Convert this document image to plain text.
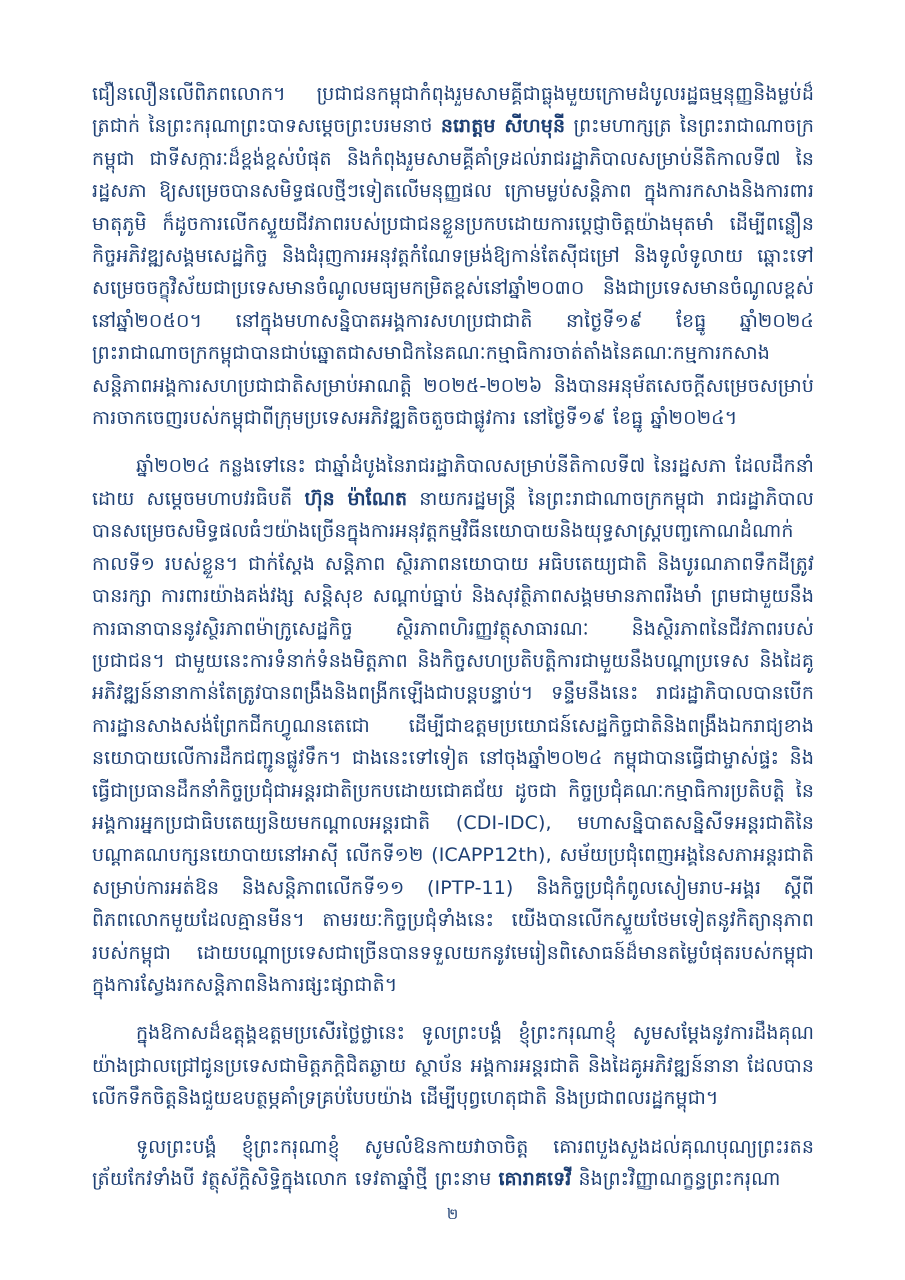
ជឿនលឿនលើពិភពលោក។ ប្រជាជនកម្ពុជាកំពុងរួមសាមគ្គីជាធ្លុងមួយក្រោមដំបូលរដ្ឋធម្មនុញ្ញនិងម្លប់ដ៏ត្រជាក់ នៃព្រះករុណាព្រះបាទសម្តេចព្រះបរមនាថ នរោត្តម សីហមុនី ព្រះមហាក្សត្រ នៃព្រះរាជាណាចក្រកម្ពុជា ជាទីសក្ការៈដ៏ខ្ពង់ខ្ពស់បំផុត និងកំពុងរួមសាមគ្គីគាំទ្រដល់រាជរដ្ឋាភិបាលសម្រាប់នីតិកាលទី៧ នៃរដ្ឋសភា ឱ្យសម្រេចបានសមិទ្ធផលថ្មីៗទៀតលើមនុញ្ញផល ក្រោមម្លប់សន្តិភាព ក្នុងការកសាងនិងការពារមាតុភូមិ ក៏ដូចការលើកស្ទួយជីវភាពរបស់ប្រជាជនខ្លួនប្រកបដោយការប្តេជ្ញាចិត្តយ៉ាងមុតមាំ ដើម្បីពន្លឿនកិច្ចអភិវឌ្ឍសង្គមសេដ្ឋកិច្ច និងជំរុញការអនុវត្តកំណែទម្រង់ឱ្យកាន់តែស៊ីជម្រៅ និងទូលំទូលាយ ឆ្ពោះទៅសម្រេចចក្ខុវិស័យជាប្រទេសមានចំណូលមធ្យមកម្រិតខ្ពស់នៅឆ្នាំ២០៣០ និងជាប្រទេសមានចំណូលខ្ពស់នៅឆ្នាំ២០៥០។ នៅក្នុងមហាសន្និបាតអង្គការសហប្រជាជាតិ នាថ្ងៃទី១៩ ខែធ្នូ ឆ្នាំ២០២៤ ព្រះរាជាណាចក្រកម្ពុជាបានជាប់ឆ្នោតជាសមាជិកនៃគណៈកម្មាធិការចាត់តាំងនៃគណៈកម្មការកសាងសន្តិភាពអង្គការសហប្រជាជាតិសម្រាប់អាណត្តិ ២០២៥-២០២៦ និងបានអនុម័តសេចក្តីសម្រេចសម្រាប់ការចាកចេញរបស់កម្ពុជាពីក្រុមប្រទេសអភិវឌ្ឍតិចតួចជាផ្លូវការ នៅថ្ងៃទី១៩ ខែធ្នូ ឆ្នាំ២០២៤។

ឆ្នាំ២០២៤ កន្លងទៅនេះ ជាឆ្នាំដំបូងនៃរាជរដ្ឋាភិបាលសម្រាប់នីតិកាលទី៧ នៃរដ្ឋសភា ដែលដឹកនាំដោយ សម្តេចមហាបវរធិបតី ហ៊ុន ម៉ាណែត នាយករដ្ឋមន្ត្រី នៃព្រះរាជាណាចក្រកម្ពុជា រាជរដ្ឋាភិបាលបានសម្រេចសមិទ្ធផលធំៗយ៉ាងច្រើនក្នុងការអនុវត្តកម្មវិធីនយោបាយនិងយុទ្ធសាស្ត្របញ្ចកោណដំណាក់កាលទី១ របស់ខ្លួន។ ជាក់ស្តែង សន្តិភាព ស្ថិរភាពនយោបាយ អធិបតេយ្យជាតិ និងបូរណភាពទឹកដីត្រូវបានរក្សា ការពារយ៉ាងគង់វង្ស សន្តិសុខ សណ្តាប់ធ្នាប់ និងសុវត្ថិភាពសង្គមមានភាពរឹងមាំ ព្រមជាមួយនឹងការធានាបាននូវស្ថិរភាពម៉ាក្រូសេដ្ឋកិច្ច ស្ថិរភាពហិរញ្ញវត្ថុសាធារណៈ និងស្ថិរភាពនៃជីវភាពរបស់ប្រជាជន។ ជាមួយនេះការទំនាក់ទំនងមិត្តភាព និងកិច្ចសហប្រតិបត្តិការជាមួយនឹងបណ្តាប្រទេស និងដៃគូអភិវឌ្ឍន៍នានាកាន់តែត្រូវបានពង្រឹងនិងពង្រីកឡើងជាបន្តបន្ទាប់។ ទន្ទឹមនឹងនេះ រាជរដ្ឋាភិបាលបានបើកការដ្ឋានសាងសង់ព្រែកជីកហ្វូណនតេជោ ដើម្បីជាឧត្តមប្រយោជន៍សេដ្ឋកិច្ចជាតិនិងពង្រឹងឯករាជ្យខាងនយោបាយលើការដឹកជញ្ជូនផ្លូវទឹក។ ជាងនេះទៅទៀត នៅចុងឆ្នាំ២០២៤ កម្ពុជាបានធ្វើជាម្ចាស់ផ្ទះ និងធ្វើជាប្រធានដឹកនាំកិច្ចប្រជុំជាអន្តរជាតិប្រកបដោយជោគជ័យ ដូចជា កិច្ចប្រជុំគណៈកម្មាធិការប្រតិបត្តិ នៃអង្គការអ្នកប្រជាធិបតេយ្យនិយមកណ្តាលអន្តរជាតិ (CDI-IDC), មហាសន្និបាតសន្និសីទអន្តរជាតិនៃបណ្តាគណបក្សនយោបាយនៅអាស៊ី លើកទី១២ (ICAPP12th), សម័យប្រជុំពេញអង្គនៃសភាអន្តរជាតិសម្រាប់ការអត់ឱន និងសន្តិភាពលើកទី១១ (IPTP-11) និងកិច្ចប្រជុំកំពូលសៀមរាប-អង្គរ ស្តីពីពិភពលោកមួយដែលគ្មានមីន។ តាមរយៈកិច្ចប្រជុំទាំងនេះ យើងបានលើកស្ទួយថែមទៀតនូវកិត្យានុភាពរបស់កម្ពុជា ដោយបណ្តាប្រទេសជាច្រើនបានទទួលយកនូវមេរៀនពិសោធន៍ដ៏មានតម្លៃបំផុតរបស់កម្ពុជាក្នុងការស្វែងរកសន្តិភាពនិងការផ្សះផ្សាជាតិ។

ក្នុងឱកាសដ៏ឧត្តុង្គឧត្តមប្រសើរថ្លៃថ្លានេះ ទូលព្រះបង្គំ ខ្ញុំព្រះករុណាខ្ញុំ សូមសម្តែងនូវការដឹងគុណយ៉ាងជ្រាលជ្រៅជូនប្រទេសជាមិត្តភក្តិជិតឆ្ងាយ ស្ថាប័ន អង្គការអន្តរជាតិ និងដៃគូអភិវឌ្ឍន៍នានា ដែលបានលើកទឹកចិត្តនិងជួយឧបត្ថម្ភគាំទ្រគ្រប់បែបយ៉ាង ដើម្បីបុព្វហេតុជាតិ និងប្រជាពលរដ្ឋកម្ពុជា។

ទូលព្រះបង្គំ ខ្ញុំព្រះករុណាខ្ញុំ សូមលំឱនកាយវាចាចិត្ត គោរពបួងសួងដល់គុណបុណ្យព្រះរតនត្រ័យកែវទាំងបី វត្ថុស័ក្តិសិទ្ធិក្នុងលោក ទេវតាឆ្នាំថ្មី ព្រះនាម គោរាគទេវី និងព្រះវិញ្ញាណក្ខន្ធព្រះករុណា

២
